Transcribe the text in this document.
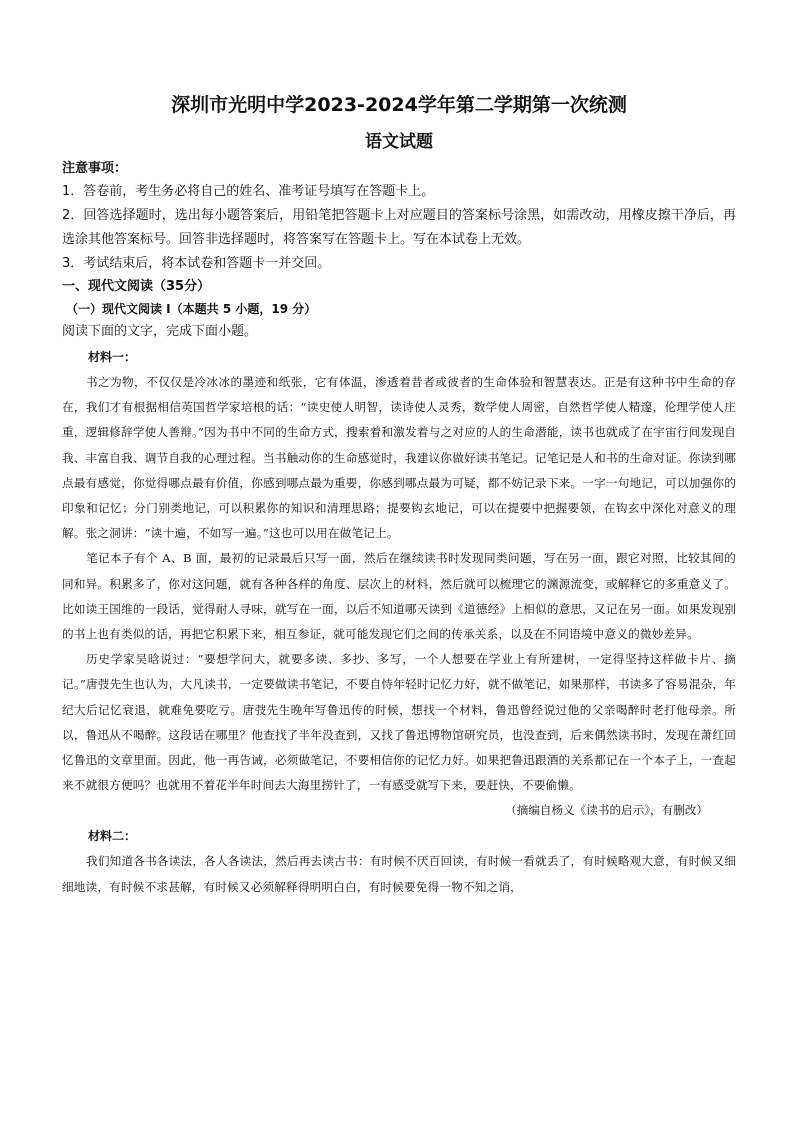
深圳市光明中学2023-2024学年第二学期第一次统测
语文试题

注意事项：

1．答卷前，考生务必将自己的姓名、准考证号填写在答题卡上。

2．回答选择题时，选出每小题答案后，用铅笔把答题卡上对应题目的答案标号涂黑，如需改动，用橡皮擦干净后，再选涂其他答案标号。回答非选择题时，将答案写在答题卡上。写在本试卷上无效。

3．考试结束后，将本试卷和答题卡一并交回。

一、现代文阅读（35分）

（一）现代文阅读 I（本题共 5 小题，19 分）

阅读下面的文字，完成下面小题。

材料一：

书之为物，不仅仅是冷冰冰的墨迹和纸张，它有体温，渗透着昔者或彼者的生命体验和智慧表达。正是有这种书中生命的存在，我们才有根据相信英国哲学家培根的话：“读史使人明智，读诗使人灵秀，数学使人周密，自然哲学使人精邃，伦理学使人庄重，逻辑修辞学使人善辩。”因为书中不同的生命方式，搜索着和激发着与之对应的人的生命潜能，读书也就成了在宇宙行间发现自我、丰富自我、调节自我的心理过程。当书触动你的生命感觉时，我建议你做好读书笔记。记笔记是人和书的生命对证。你读到哪点最有感觉，你觉得哪点最有价值，你感到哪点最为重要，你感到哪点最为可疑，都不妨记录下来。一字一句地记，可以加强你的印象和记忆；分门别类地记，可以积累你的知识和清理思路；提要钩玄地记，可以在提要中把握要领，在钩玄中深化对意义的理解。张之洞讲：“读十遍，不如写一遍。”这也可以用在做笔记上。

笔记本子有个 A、B 面，最初的记录最后只写一面，然后在继续读书时发现同类问题，写在另一面，跟它对照，比较其间的同和异。积累多了，你对这问题，就有各种各样的角度、层次上的材料，然后就可以梳理它的渊源流变，或解释它的多重意义了。比如读王国维的一段话，觉得耐人寻味，就写在一面，以后不知道哪天读到《道德经》上相似的意思，又记在另一面。如果发现别的书上也有类似的话，再把它积累下来，相互参证，就可能发现它们之间的传承关系，以及在不同语境中意义的微妙差异。

历史学家吴晗说过：“要想学问大，就要多读、多抄、多写，一个人想要在学业上有所建树，一定得坚持这样做卡片、摘记。”唐弢先生也认为，大凡读书，一定要做读书笔记，不要自恃年轻时记忆力好，就不做笔记，如果那样，书读多了容易混杂，年纪大后记忆衰退，就难免要吃亏。唐弢先生晚年写鲁迅传的时候，想找一个材料，鲁迅曾经说过他的父亲喝醉时老打他母亲。所以，鲁迅从不喝醉。这段话在哪里？他查找了半年没查到，又找了鲁迅博物馆研究员，也没查到，后来偶然读书时，发现在萧红回忆鲁迅的文章里面。因此，他一再告诫，必须做笔记，不要相信你的记忆力好。如果把鲁迅跟酒的关系都记在一个本子上，一查起来不就很方便吗？也就用不着花半年时间去大海里捞针了，一有感受就写下来，要赶快，不要偷懒。

（摘编自杨义《读书的启示》，有删改）

材料二：

我们知道各书各读法，各人各读法，然后再去读古书：有时候不厌百回读，有时候一看就丢了，有时候略观大意，有时候又细细地读，有时候不求甚解，有时候又必须解释得明明白白，有时候要免得一物不知之诮，
